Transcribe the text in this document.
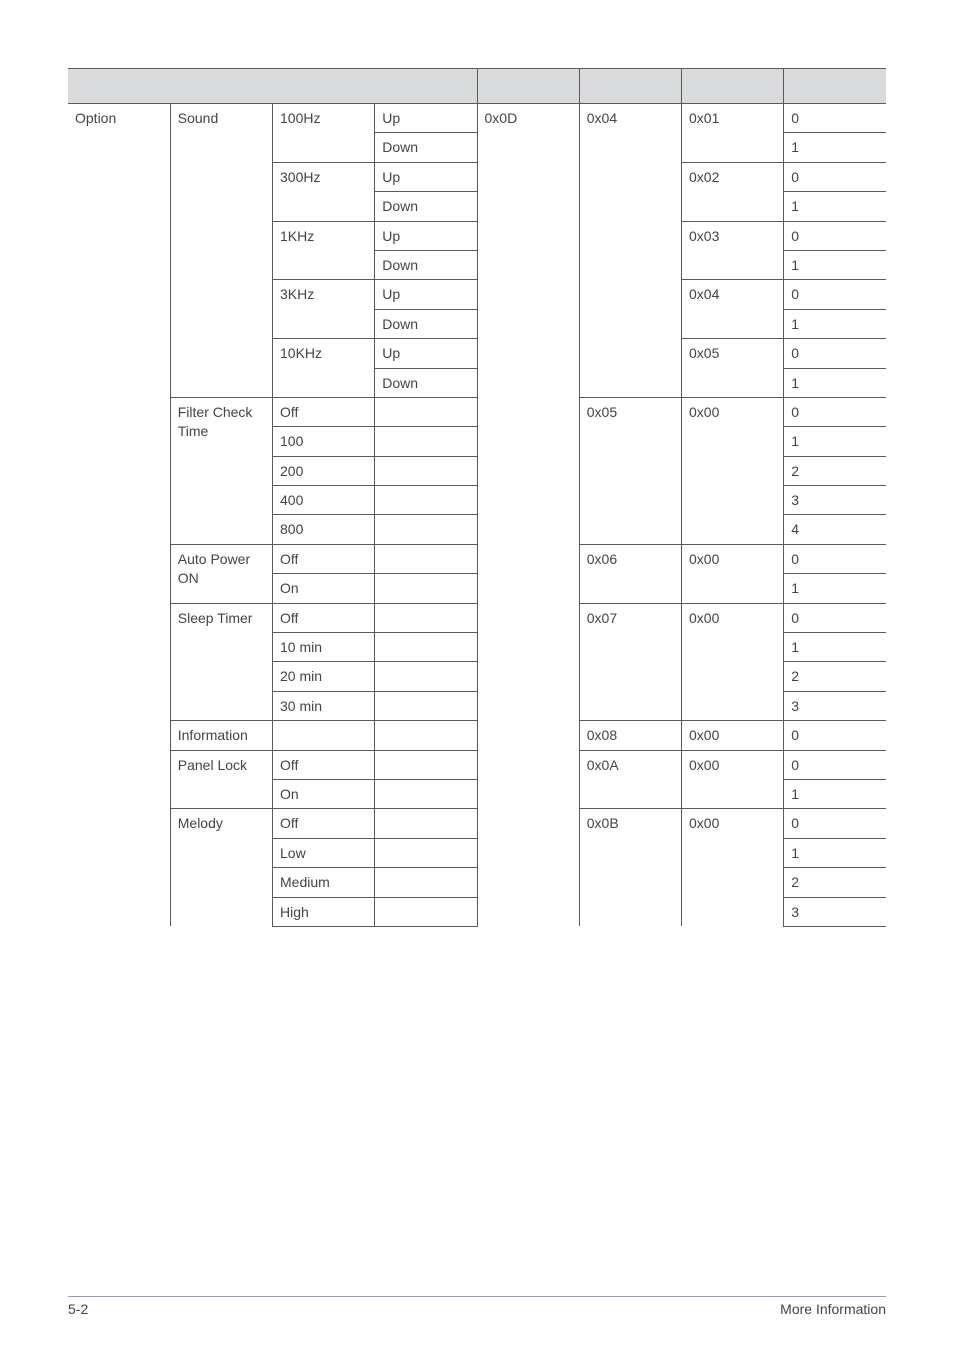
Option	Sound	100Hz	Up	0x0D	0x04	0x01	0

			Down				1

		300Hz	Up			0x02	0

			Down				1

		1KHz	Up			0x03	0

			Down				1

		3KHz	Up			0x04	0

			Down				1

		10KHz	Up			0x05	0

			Down				1

	Filter Check Time	Off			0x05	0x00	0

		100					1

		200					2

		400					3

		800					4

	Auto Power ON	Off			0x06	0x00	0

		On					1

	Sleep Timer	Off			0x07	0x00	0

		10 min					1

		20 min					2

		30 min					3

	Information				0x08	0x00	0

	Panel Lock	Off			0x0A	0x00	0

		On					1

	Melody	Off			0x0B	0x00	0

		Low					1

		Medium					2

		High					3
5-2	More Information
